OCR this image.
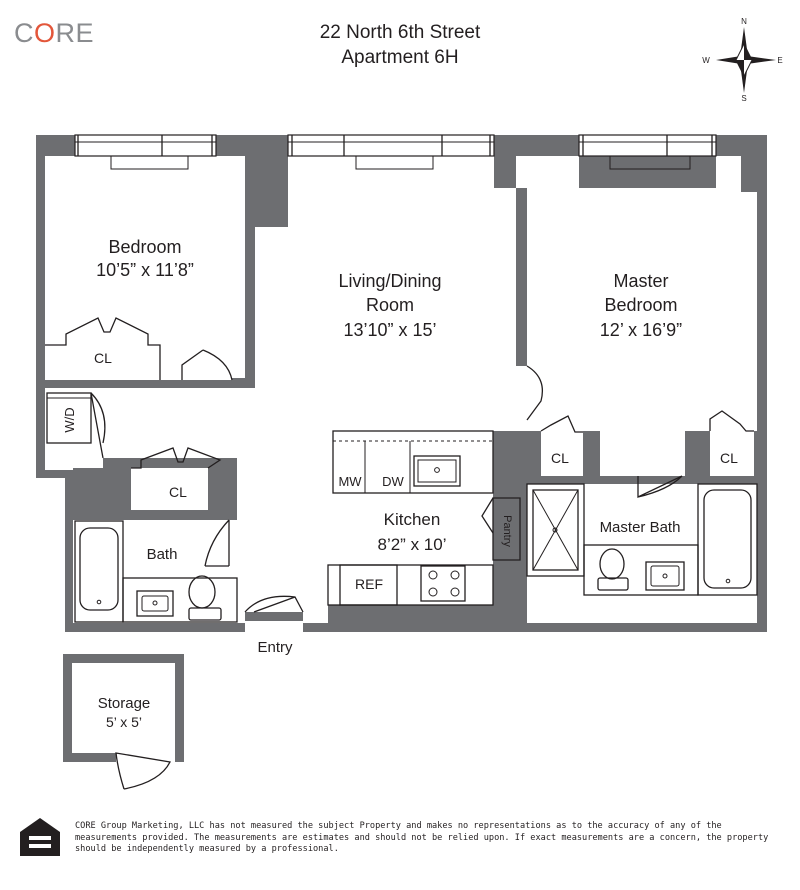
CORE	22 North 6th Street
Apartment 6H
N
S
W	E
Bedroom
10’5” x 11’8”
Living/Dining
Room
13’10” x 15’
Master
Bedroom
12’ x 16’9”
Kitchen
8’2” x 10’
Bath
Master Bath
Storage
5’ x 5’
CL
CL
CL	CL
W/D
MW DW
REF
Pantry
Entry

CORE Group Marketing, LLC has not measured the subject Property and makes no representations as to the accuracy of any of the measurements provided. The measurements are estimates and should not be relied upon. If exact measurements are a concern, the property should be independently measured by a professional.
